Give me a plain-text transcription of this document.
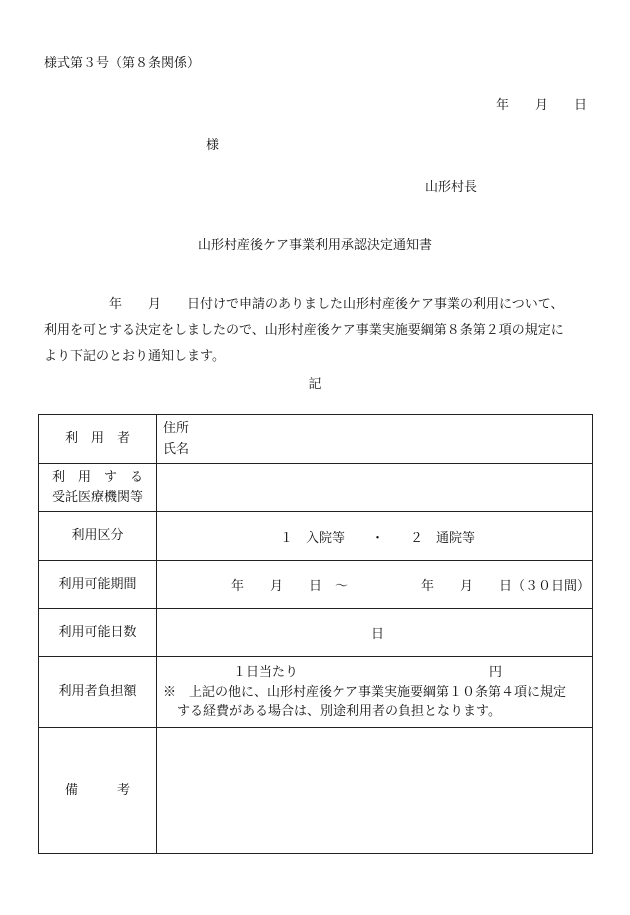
様式第３号（第８条関係）
年　　月　　日
様
山形村長
山形村産後ケア事業利用承認決定通知書
　　　　　年　　月　　日付けで申請のありました山形村産後ケア事業の利用について、
利用を可とする決定をしましたので、山形村産後ケア事業実施要綱第８条第２項の規定に
より下記のとおり通知します。
記
利　用　者	住所
氏名

利　用　す　る
受託医療機関等	

利用区分	１　入院等　　・　　２　通院等
利用可能期間	年　　月　　日　～ 年　　月　　日（３０日間）

利用可能日数	日
利用者負担額	１日当たり 円
※　上記の他に、山形村産後ケア事業実施要綱第１０条第４項に規定
する経費がある場合は、別途利用者の負担となります。

備　　　考	
